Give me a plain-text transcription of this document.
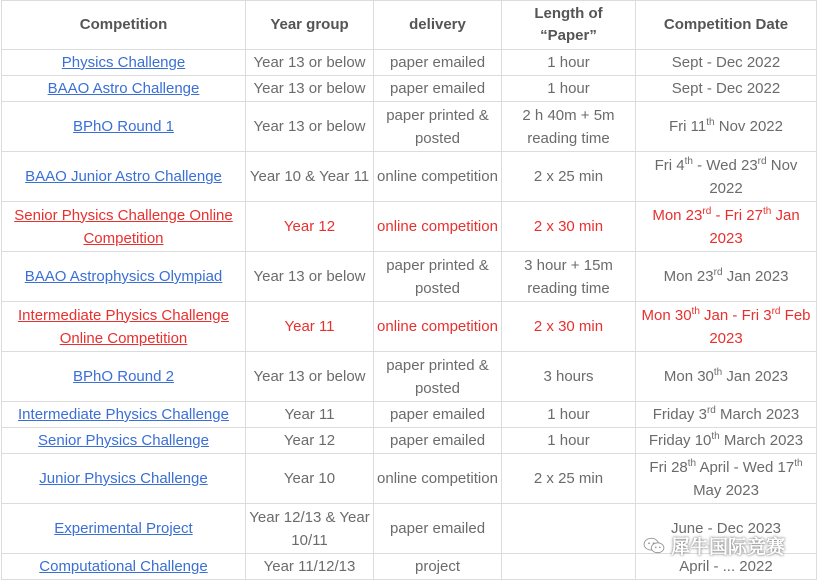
Competition	Year group	delivery	Length of “Paper”	Competition Date
Physics Challenge	Year 13 or below	paper emailed	1 hour	Sept - Dec 2022
BAAO Astro Challenge	Year 13 or below	paper emailed	1 hour	Sept - Dec 2022
BPhO Round 1	Year 13 or below	paper printed & posted	2 h 40m + 5m reading time	Fri 11th Nov 2022
BAAO Junior Astro Challenge	Year 10 & Year 11	online competition	2 x 25 min	Fri 4th - Wed 23rd Nov 2022
Senior Physics Challenge Online Competition	Year 12	online competition	2 x 30 min	Mon 23rd - Fri 27th Jan 2023
BAAO Astrophysics Olympiad	Year 13 or below	paper printed & posted	3 hour + 15m reading time	Mon 23rd Jan 2023
Intermediate Physics Challenge Online Competition	Year 11	online competition	2 x 30 min	Mon 30th Jan - Fri 3rd Feb 2023
BPhO Round 2	Year 13 or below	paper printed & posted	3 hours	Mon 30th Jan 2023
Intermediate Physics Challenge	Year 11	paper emailed	1 hour	Friday 3rd March 2023
Senior Physics Challenge	Year 12	paper emailed	1 hour	Friday 10th March 2023
Junior Physics Challenge	Year 10	online competition	2 x 25 min	Fri 28th April - Wed 17th May 2023
Experimental Project	Year 12/13 & Year 10/11	paper emailed		June - Dec 2023
Computational Challenge	Year 11/12/13	project		April - ... 2022
犀牛国际竞赛
